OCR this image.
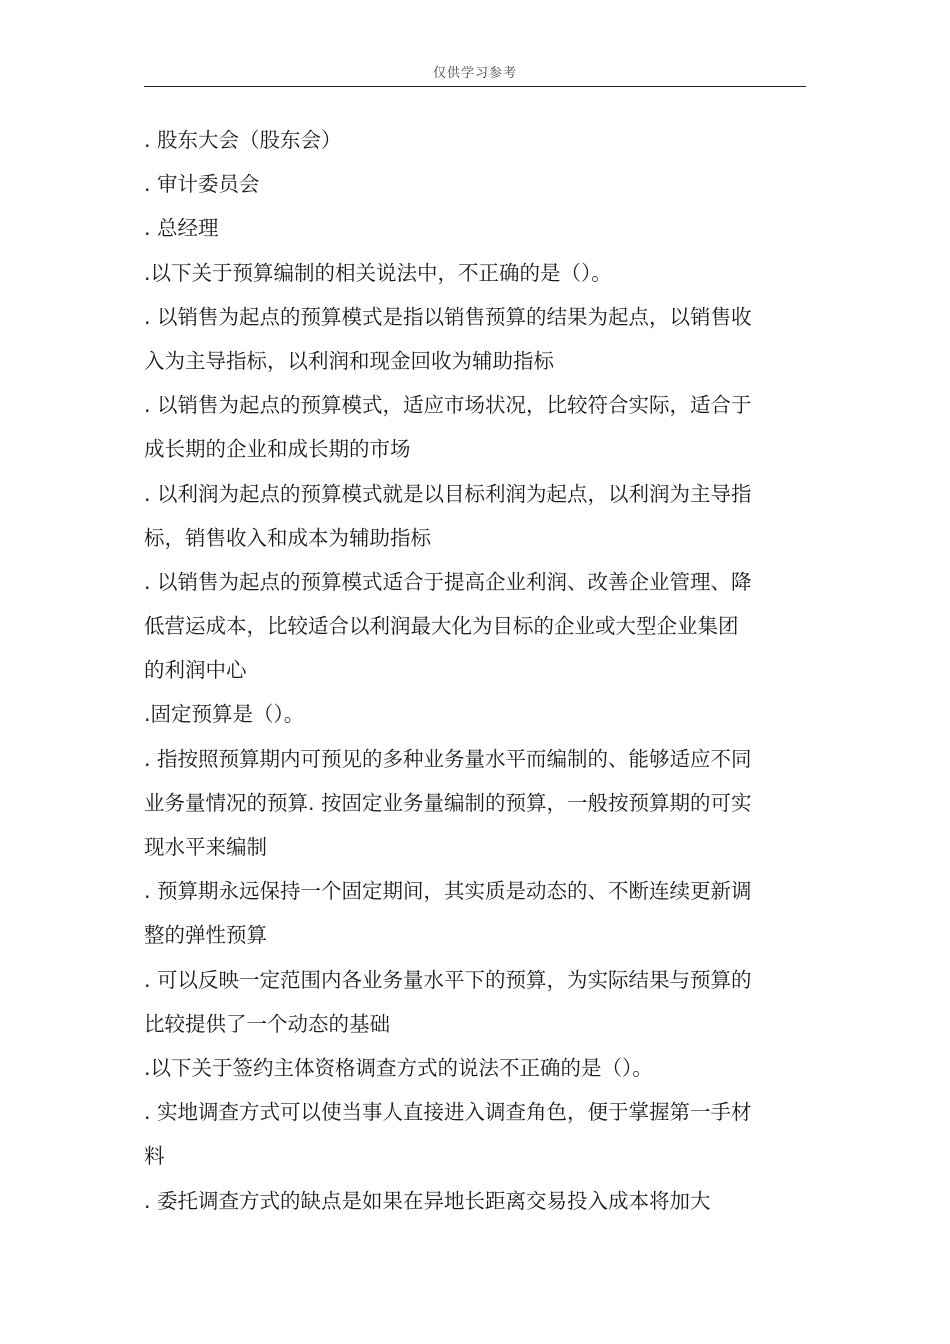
仅供学习参考
. 股东大会（股东会）
. 审计委员会
. 总经理
.以下关于预算编制的相关说法中，不正确的是（）。
. 以销售为起点的预算模式是指以销售预算的结果为起点，以销售收
入为主导指标，以利润和现金回收为辅助指标
. 以销售为起点的预算模式，适应市场状况，比较符合实际，适合于
成长期的企业和成长期的市场
. 以利润为起点的预算模式就是以目标利润为起点，以利润为主导指
标，销售收入和成本为辅助指标
. 以销售为起点的预算模式适合于提高企业利润、改善企业管理、降
低营运成本，比较适合以利润最大化为目标的企业或大型企业集团
的利润中心
.固定预算是（）。
. 指按照预算期内可预见的多种业务量水平而编制的、能够适应不同
业务量情况的预算. 按固定业务量编制的预算，一般按预算期的可实
现水平来编制
. 预算期永远保持一个固定期间，其实质是动态的、不断连续更新调
整的弹性预算
. 可以反映一定范围内各业务量水平下的预算，为实际结果与预算的
比较提供了一个动态的基础
.以下关于签约主体资格调查方式的说法不正确的是（）。
. 实地调查方式可以使当事人直接进入调查角色，便于掌握第一手材
料
. 委托调查方式的缺点是如果在异地长距离交易投入成本将加大
